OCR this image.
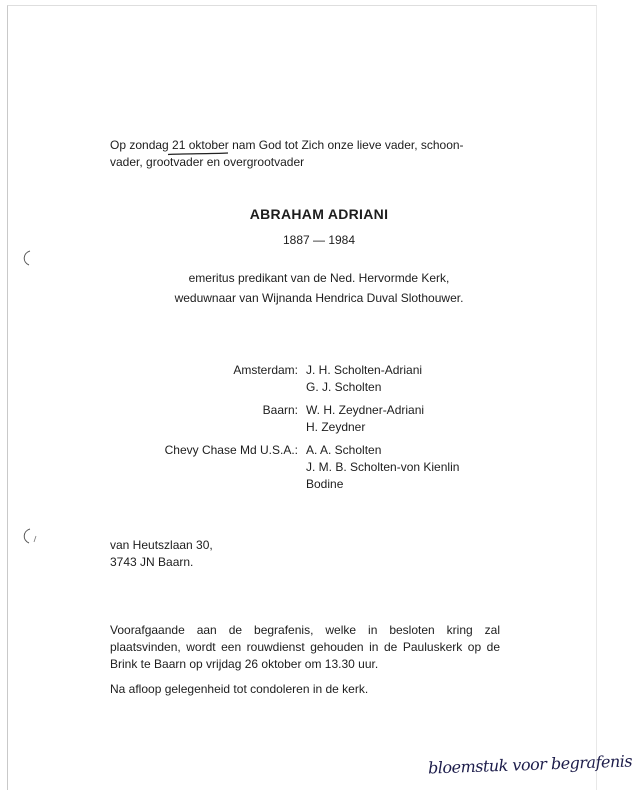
Op zondag 21 oktober
nam God tot Zich onze lieve vader, schoon-
vader, grootvader en overgrootvader
ABRAHAM ADRIANI
1887 — 1984
emeritus predikant van de Ned. Hervormde Kerk,
weduwnaar van Wijnanda Hendrica Duval Slothouwer.
Amsterdam: J. H. Scholten-Adriani
G. J. Scholten
Baarn: W. H. Zeydner-Adriani
H. Zeydner
Chevy Chase Md U.S.A.: A. A. Scholten
J. M. B. Scholten-von Kienlin
Bodine
van Heutszlaan 30,
3743 JN Baarn.
Voorafgaande aan de begrafenis, welke in besloten kring zal plaatsvinden, wordt een rouwdienst gehouden in de Pauluskerk op de Brink te Baarn op vrijdag 26 oktober om 13.30 uur.
Na afloop gelegenheid tot condoleren in de kerk.
bloemstuk voor begrafenis
